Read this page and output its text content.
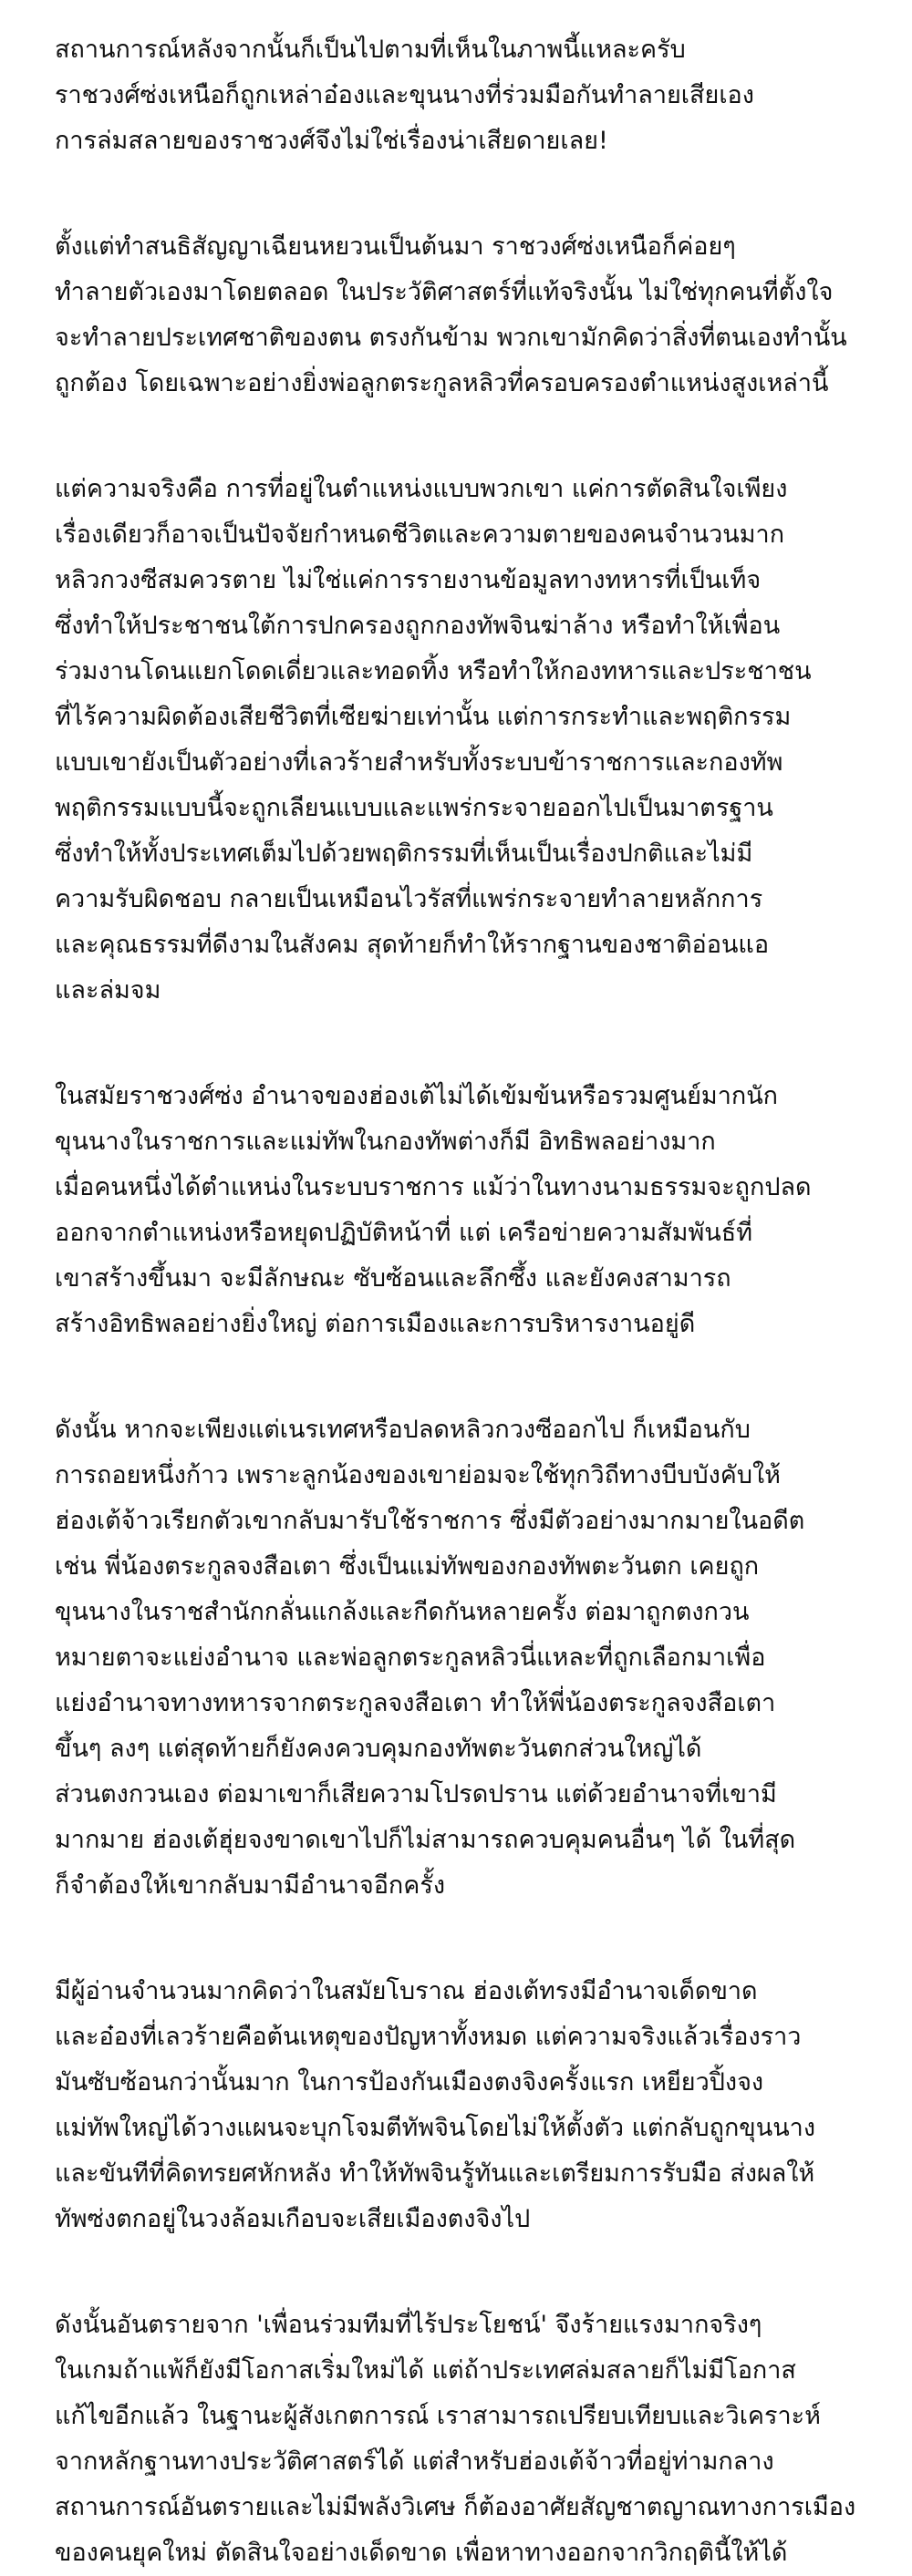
สถานการณ์หลังจากนั้นก็เป็นไปตามที่เห็นในภาพนี้แหละครับ
ราชวงศ์ซ่งเหนือก็ถูกเหล่าอ๋องและขุนนางที่ร่วมมือกันทำลายเสียเอง
การล่มสลายของราชวงศ์จึงไม่ใช่เรื่องน่าเสียดายเลย!
ตั้งแต่ทำสนธิสัญญาเฉียนหยวนเป็นต้นมา ราชวงศ์ซ่งเหนือก็ค่อยๆ
ทำลายตัวเองมาโดยตลอด ในประวัติศาสตร์ที่แท้จริงนั้น ไม่ใช่ทุกคนที่ตั้งใจ
จะทำลายประเทศชาติของตน ตรงกันข้าม พวกเขามักคิดว่าสิ่งที่ตนเองทำนั้น
ถูกต้อง โดยเฉพาะอย่างยิ่งพ่อลูกตระกูลหลิวที่ครอบครองตำแหน่งสูงเหล่านี้
แต่ความจริงคือ การที่อยู่ในตำแหน่งแบบพวกเขา แค่การตัดสินใจเพียง
เรื่องเดียวก็อาจเป็นปัจจัยกำหนดชีวิตและความตายของคนจำนวนมาก
หลิวกวงซีสมควรตาย ไม่ใช่แค่การรายงานข้อมูลทางทหารที่เป็นเท็จ
ซึ่งทำให้ประชาชนใต้การปกครองถูกกองทัพจินฆ่าล้าง หรือทำให้เพื่อน
ร่วมงานโดนแยกโดดเดี่ยวและทอดทิ้ง หรือทำให้กองทหารและประชาชน
ที่ไร้ความผิดต้องเสียชีวิตที่เซียฆ่ายเท่านั้น แต่การกระทำและพฤติกรรม
แบบเขายังเป็นตัวอย่างที่เลวร้ายสำหรับทั้งระบบข้าราชการและกองทัพ
พฤติกรรมแบบนี้จะถูกเลียนแบบและแพร่กระจายออกไปเป็นมาตรฐาน
ซึ่งทำให้ทั้งประเทศเต็มไปด้วยพฤติกรรมที่เห็นเป็นเรื่องปกติและไม่มี
ความรับผิดชอบ กลายเป็นเหมือนไวรัสที่แพร่กระจายทำลายหลักการ
และคุณธรรมที่ดีงามในสังคม สุดท้ายก็ทำให้รากฐานของชาติอ่อนแอ
และล่มจม
ในสมัยราชวงศ์ซ่ง อำนาจของฮ่องเต้ไม่ได้เข้มข้นหรือรวมศูนย์มากนัก
ขุนนางในราชการและแม่ทัพในกองทัพต่างก็มี อิทธิพลอย่างมาก
เมื่อคนหนึ่งได้ตำแหน่งในระบบราชการ แม้ว่าในทางนามธรรมจะถูกปลด
ออกจากตำแหน่งหรือหยุดปฏิบัติหน้าที่ แต่ เครือข่ายความสัมพันธ์ที่
เขาสร้างขึ้นมา จะมีลักษณะ ซับซ้อนและลึกซึ้ง และยังคงสามารถ
สร้างอิทธิพลอย่างยิ่งใหญ่ ต่อการเมืองและการบริหารงานอยู่ดี
ดังนั้น หากจะเพียงแต่เนรเทศหรือปลดหลิวกวงซีออกไป ก็เหมือนกับ
การถอยหนึ่งก้าว เพราะลูกน้องของเขาย่อมจะใช้ทุกวิถีทางบีบบังคับให้
ฮ่องเต้จ้าวเรียกตัวเขากลับมารับใช้ราชการ ซึ่งมีตัวอย่างมากมายในอดีต
เช่น พี่น้องตระกูลจงสือเตา ซึ่งเป็นแม่ทัพของกองทัพตะวันตก เคยถูก
ขุนนางในราชสำนักกลั่นแกล้งและกีดกันหลายครั้ง ต่อมาถูกตงกวน
หมายตาจะแย่งอำนาจ และพ่อลูกตระกูลหลิวนี่แหละที่ถูกเลือกมาเพื่อ
แย่งอำนาจทางทหารจากตระกูลจงสือเตา ทำให้พี่น้องตระกูลจงสือเตา
ขึ้นๆ ลงๆ แต่สุดท้ายก็ยังคงควบคุมกองทัพตะวันตกส่วนใหญ่ได้
ส่วนตงกวนเอง ต่อมาเขาก็เสียความโปรดปราน แต่ด้วยอำนาจที่เขามี
มากมาย ฮ่องเต้ฮุ่ยจงขาดเขาไปก็ไม่สามารถควบคุมคนอื่นๆ ได้ ในที่สุด
ก็จำต้องให้เขากลับมามีอำนาจอีกครั้ง
มีผู้อ่านจำนวนมากคิดว่าในสมัยโบราณ ฮ่องเต้ทรงมีอำนาจเด็ดขาด
และอ๋องที่เลวร้ายคือต้นเหตุของปัญหาทั้งหมด แต่ความจริงแล้วเรื่องราว
มันซับซ้อนกว่านั้นมาก ในการป้องกันเมืองตงจิงครั้งแรก เหยียวปิ้งจง
แม่ทัพใหญ่ได้วางแผนจะบุกโจมตีทัพจินโดยไม่ให้ตั้งตัว แต่กลับถูกขุนนาง
และขันทีที่คิดทรยศหักหลัง ทำให้ทัพจินรู้ทันและเตรียมการรับมือ ส่งผลให้
ทัพซ่งตกอยู่ในวงล้อมเกือบจะเสียเมืองตงจิงไป
ดังนั้นอันตรายจาก 'เพื่อนร่วมทีมที่ไร้ประโยชน์' จึงร้ายแรงมากจริงๆ
ในเกมถ้าแพ้ก็ยังมีโอกาสเริ่มใหม่ได้ แต่ถ้าประเทศล่มสลายก็ไม่มีโอกาส
แก้ไขอีกแล้ว ในฐานะผู้สังเกตการณ์ เราสามารถเปรียบเทียบและวิเคราะห์
จากหลักฐานทางประวัติศาสตร์ได้ แต่สำหรับฮ่องเต้จ้าวที่อยู่ท่ามกลาง
สถานการณ์อันตรายและไม่มีพลังวิเศษ ก็ต้องอาศัยสัญชาตญาณทางการเมือง
ของคนยุคใหม่ ตัดสินใจอย่างเด็ดขาด เพื่อหาทางออกจากวิกฤตินี้ให้ได้
